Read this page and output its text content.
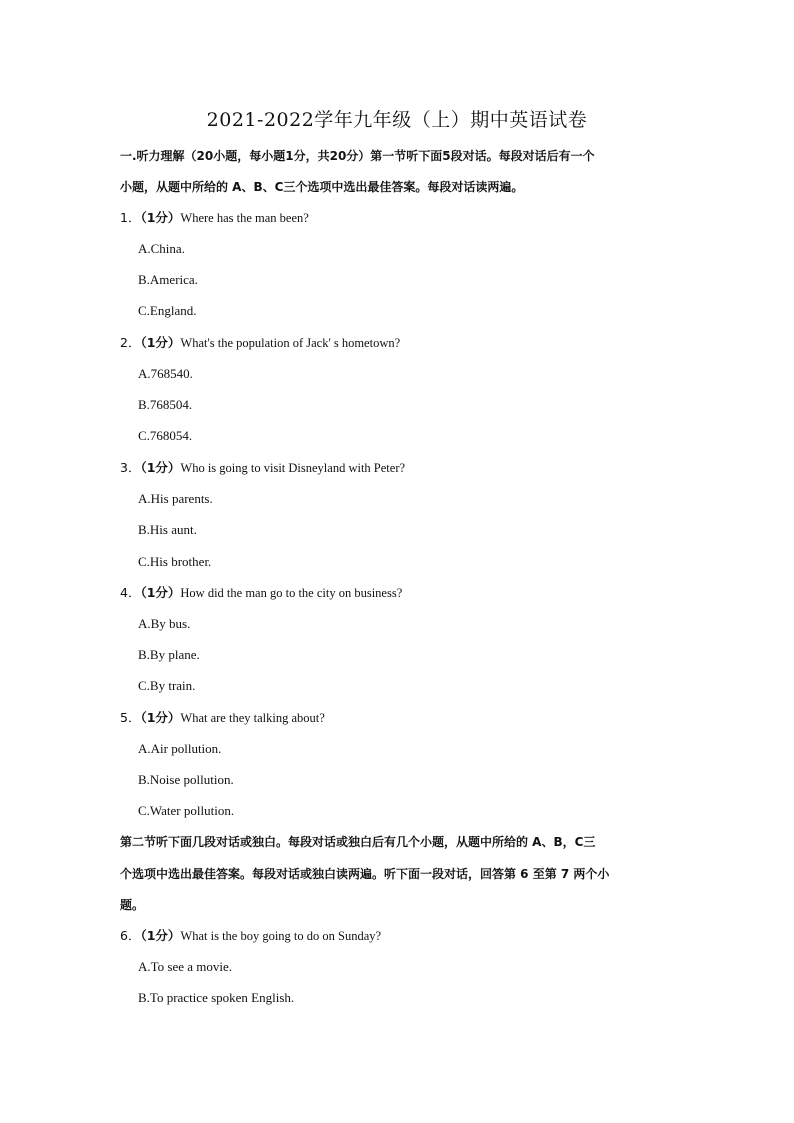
2021-2022学年九年级（上）期中英语试卷
一.听力理解（20小题，每小题1分，共20分）第一节听下面5段对话。每段对话后有一个
小题，从题中所给的 A、B、C三个选项中选出最佳答案。每段对话读两遍。
1．（1分）Where has the man been?
A.China.
B.America.
C.England.
2．（1分）What's the population of Jack' s hometown?
A.768540.
B.768504.
C.768054.
3．（1分）Who is going to visit Disneyland with Peter?
A.His parents.
B.His aunt.
C.His brother.
4．（1分）How did the man go to the city on business?
A.By bus.
B.By plane.
C.By train.
5．（1分）What are they talking about?
A.Air pollution.
B.Noise pollution.
C.Water pollution.
第二节听下面几段对话或独白。每段对话或独白后有几个小题，从题中所给的 A、B，C三
个选项中选出最佳答案。每段对话或独白读两遍。听下面一段对话，回答第 6 至第 7 两个小
题。
6．（1分）What is the boy going to do on Sunday?
A.To see a movie.
B.To practice spoken English.
